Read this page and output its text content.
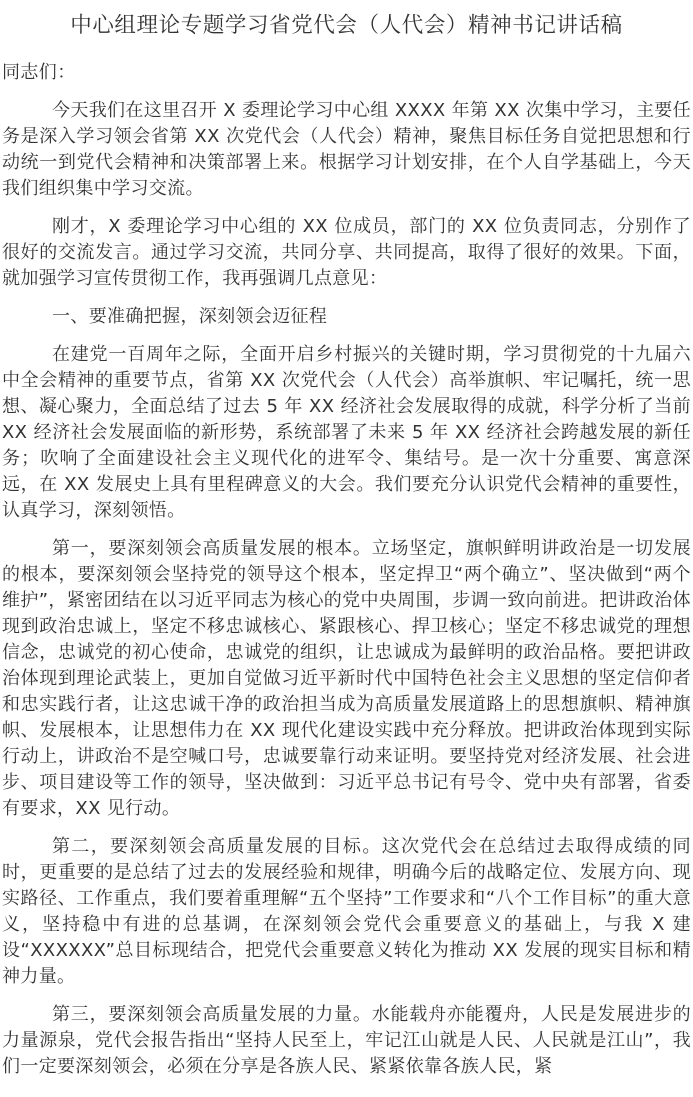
中心组理论专题学习省党代会（人代会）精神书记讲话稿
同志们：

今天我们在这里召开 X 委理论学习中心组 XXXX 年第 XX 次集中学习，主要任务是深入学习领会省第 XX 次党代会（人代会）精神，聚焦目标任务自觉把思想和行动统一到党代会精神和决策部署上来。根据学习计划安排，在个人自学基础上，今天我们组织集中学习交流。

刚才，X 委理论学习中心组的 XX 位成员，部门的 XX 位负责同志，分别作了很好的交流发言。通过学习交流，共同分享、共同提高，取得了很好的效果。下面，就加强学习宣传贯彻工作，我再强调几点意见：

一、要准确把握，深刻领会迈征程

在建党一百周年之际，全面开启乡村振兴的关键时期，学习贯彻党的十九届六中全会精神的重要节点，省第 XX 次党代会（人代会）高举旗帜、牢记嘱托，统一思想、凝心聚力，全面总结了过去 5 年 XX 经济社会发展取得的成就，科学分析了当前 XX 经济社会发展面临的新形势，系统部署了未来 5 年 XX 经济社会跨越发展的新任务；吹响了全面建设社会主义现代化的进军令、集结号。是一次十分重要、寓意深远，在 XX 发展史上具有里程碑意义的大会。我们要充分认识党代会精神的重要性，认真学习，深刻领悟。

第一，要深刻领会高质量发展的根本。立场坚定，旗帜鲜明讲政治是一切发展的根本，要深刻领会坚持党的领导这个根本，坚定捍卫“两个确立”、坚决做到“两个维护”，紧密团结在以习近平同志为核心的党中央周围，步调一致向前进。把讲政治体现到政治忠诚上，坚定不移忠诚核心、紧跟核心、捍卫核心；坚定不移忠诚党的理想信念，忠诚党的初心使命，忠诚党的组织，让忠诚成为最鲜明的政治品格。要把讲政治体现到理论武装上，更加自觉做习近平新时代中国特色社会主义思想的坚定信仰者和忠实践行者，让这忠诚干净的政治担当成为高质量发展道路上的思想旗帜、精神旗帜、发展根本，让思想伟力在 XX 现代化建设实践中充分释放。把讲政治体现到实际行动上，讲政治不是空喊口号，忠诚要靠行动来证明。要坚持党对经济发展、社会进步、项目建设等工作的领导，坚决做到：习近平总书记有号令、党中央有部署，省委有要求，XX 见行动。

第二，要深刻领会高质量发展的目标。这次党代会在总结过去取得成绩的同时，更重要的是总结了过去的发展经验和规律，明确今后的战略定位、发展方向、现实路径、工作重点，我们要着重理解“五个坚持”工作要求和“八个工作目标”的重大意义，坚持稳中有进的总基调，在深刻领会党代会重要意义的基础上，与我 X 建设“XXXXXX”总目标现结合，把党代会重要意义转化为推动 XX 发展的现实目标和精神力量。

第三，要深刻领会高质量发展的力量。水能载舟亦能覆舟，人民是发展进步的力量源泉，党代会报告指出“坚持人民至上，牢记江山就是人民、人民就是江山”，我们一定要深刻领会，必须在分享是各族人民、紧紧依靠各族人民，紧
